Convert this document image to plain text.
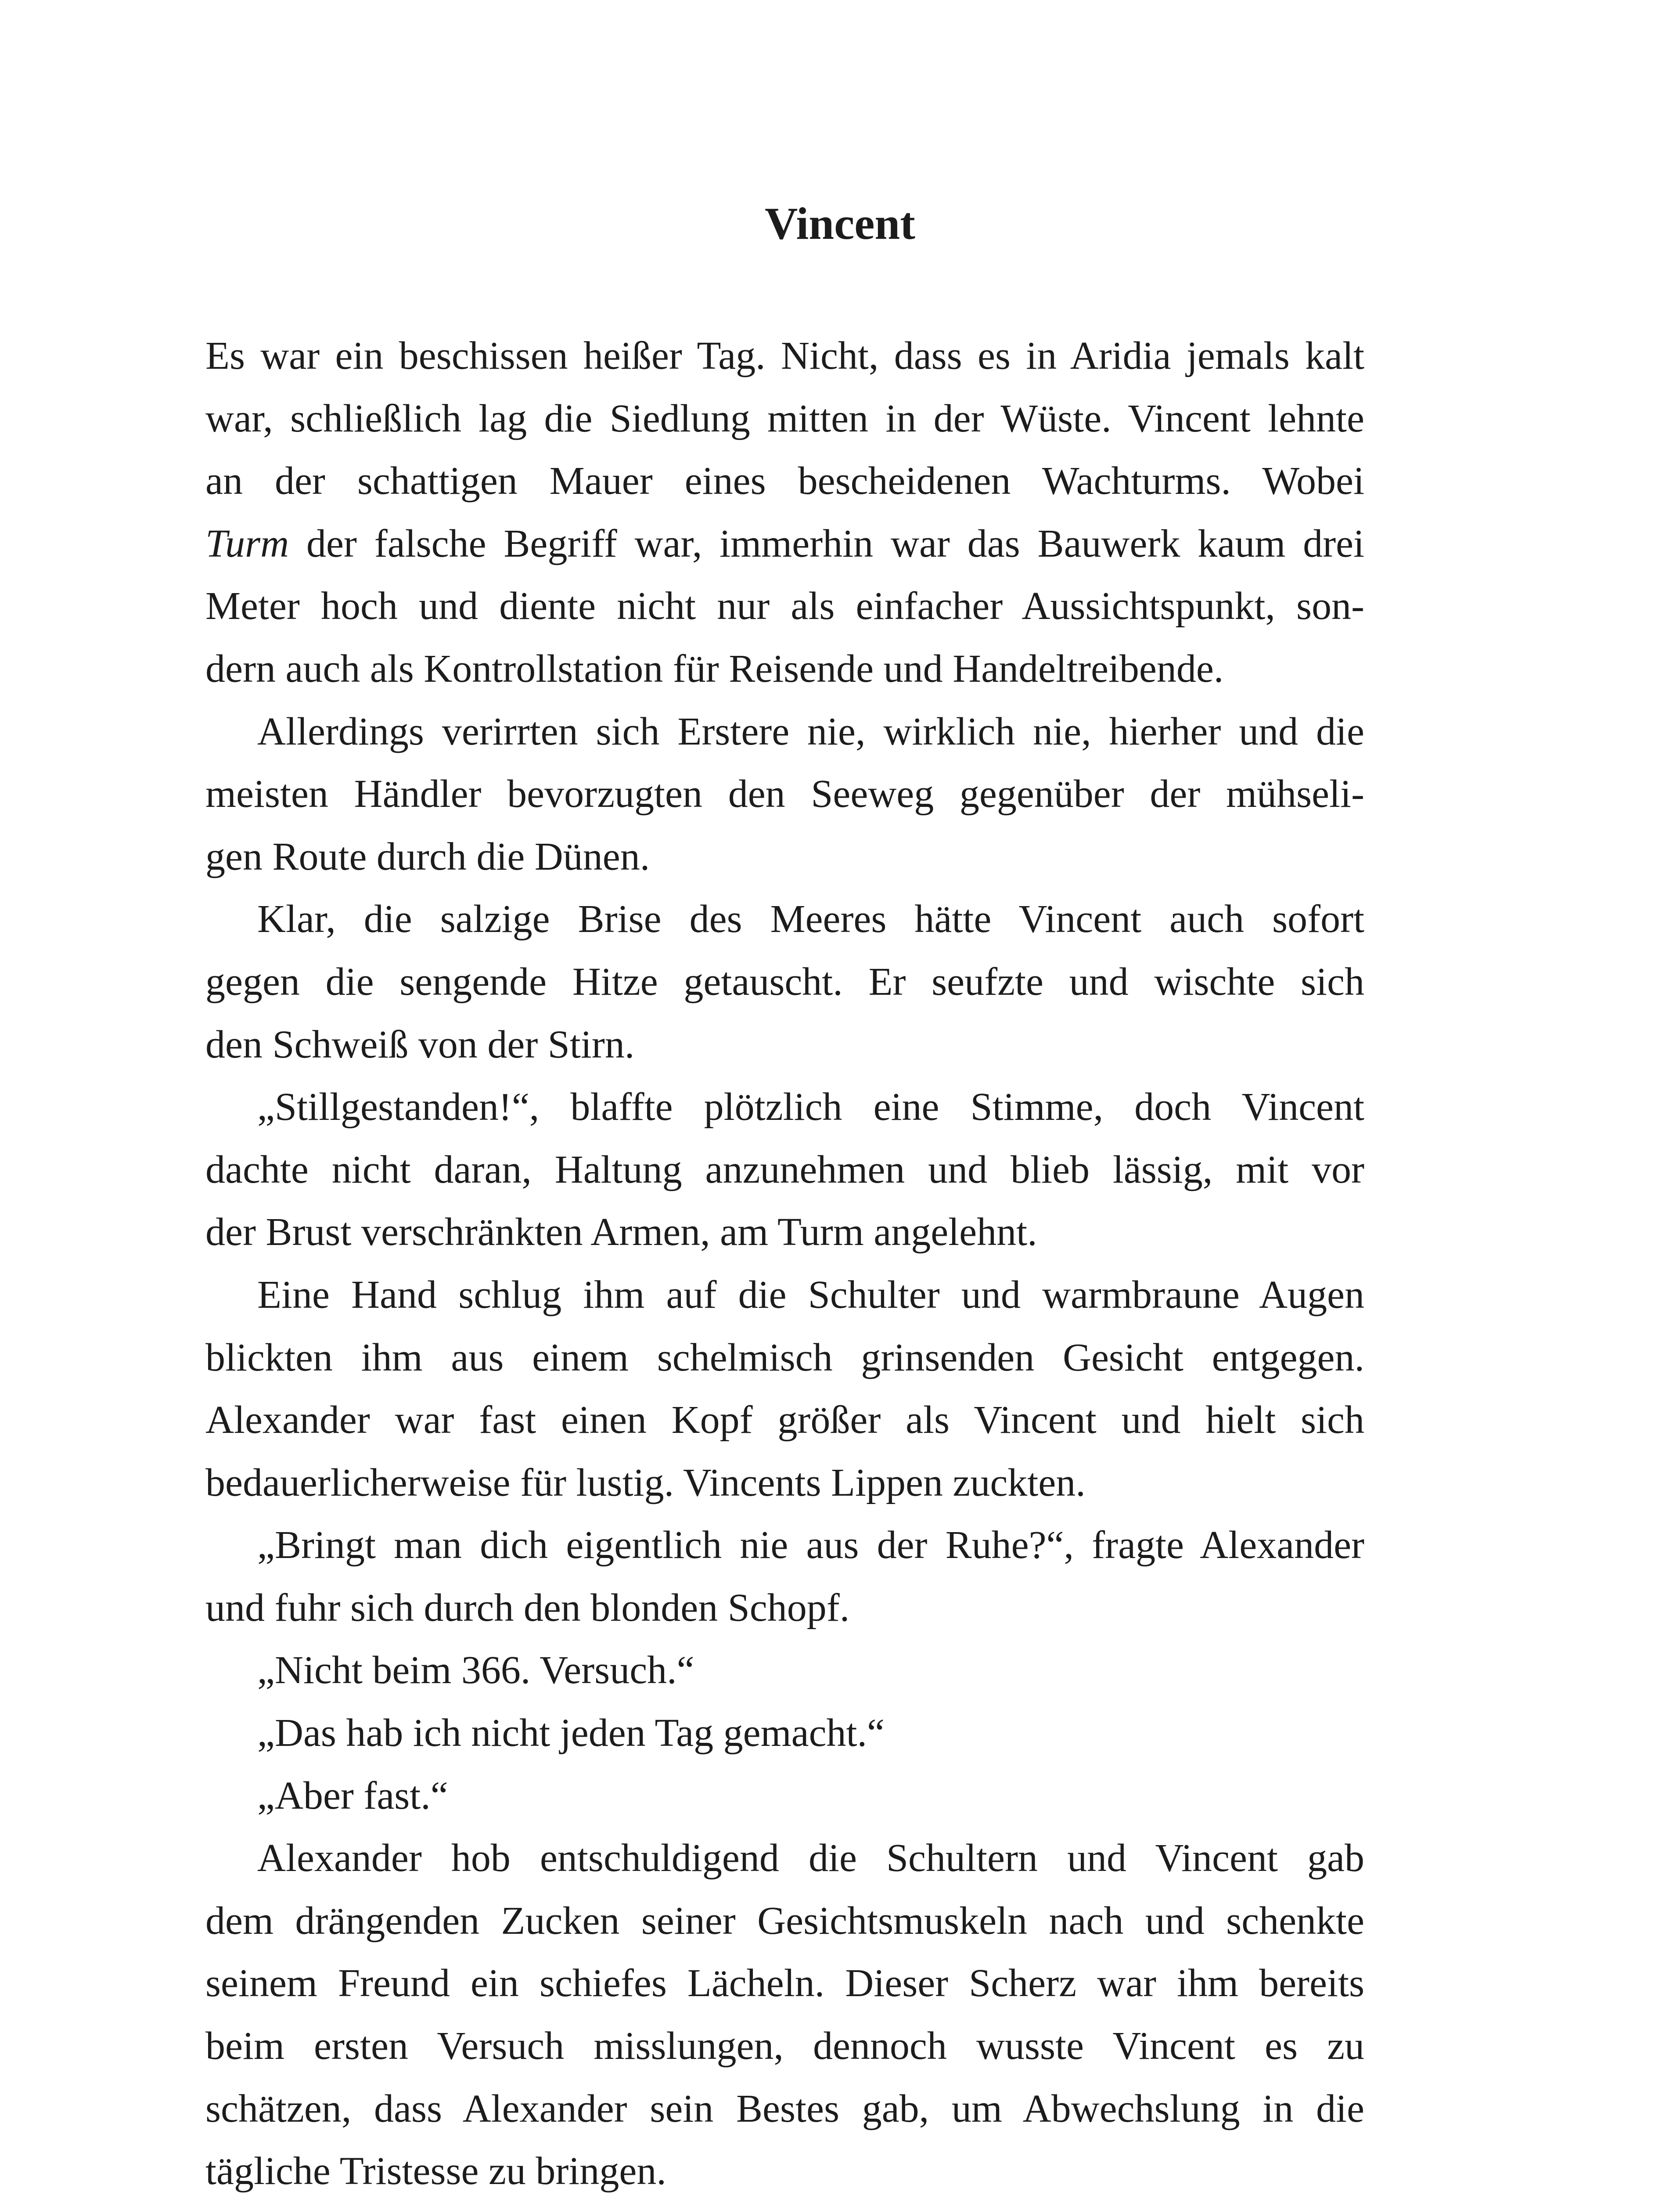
Vincent
Es war ein beschissen heißer Tag. Nicht, dass es in Aridia jemals kalt
war, schließlich lag die Siedlung mitten in der Wüste. Vincent lehnte
an der schattigen Mauer eines bescheidenen Wachturms. Wobei
Turm der falsche Begriff war, immerhin war das Bauwerk kaum drei
Meter hoch und diente nicht nur als einfacher Aussichtspunkt, son-
dern auch als Kontrollstation für Reisende und Handeltreibende.
Allerdings verirrten sich Erstere nie, wirklich nie, hierher und die
meisten Händler bevorzugten den Seeweg gegenüber der mühseli-
gen Route durch die Dünen.
Klar, die salzige Brise des Meeres hätte Vincent auch sofort
gegen die sengende Hitze getauscht. Er seufzte und wischte sich
den Schweiß von der Stirn.
„Stillgestanden!“, blaffte plötzlich eine Stimme, doch Vincent
dachte nicht daran, Haltung anzunehmen und blieb lässig, mit vor
der Brust verschränkten Armen, am Turm angelehnt.
Eine Hand schlug ihm auf die Schulter und warmbraune Augen
blickten ihm aus einem schelmisch grinsenden Gesicht entgegen.
Alexander war fast einen Kopf größer als Vincent und hielt sich
bedauerlicherweise für lustig. Vincents Lippen zuckten.
„Bringt man dich eigentlich nie aus der Ruhe?“, fragte Alexander
und fuhr sich durch den blonden Schopf.
„Nicht beim 366. Versuch.“
„Das hab ich nicht jeden Tag gemacht.“
„Aber fast.“
Alexander hob entschuldigend die Schultern und Vincent gab
dem drängenden Zucken seiner Gesichtsmuskeln nach und schenkte
seinem Freund ein schiefes Lächeln. Dieser Scherz war ihm bereits
beim ersten Versuch misslungen, dennoch wusste Vincent es zu
schätzen, dass Alexander sein Bestes gab, um Abwechslung in die
tägliche Tristesse zu bringen.
